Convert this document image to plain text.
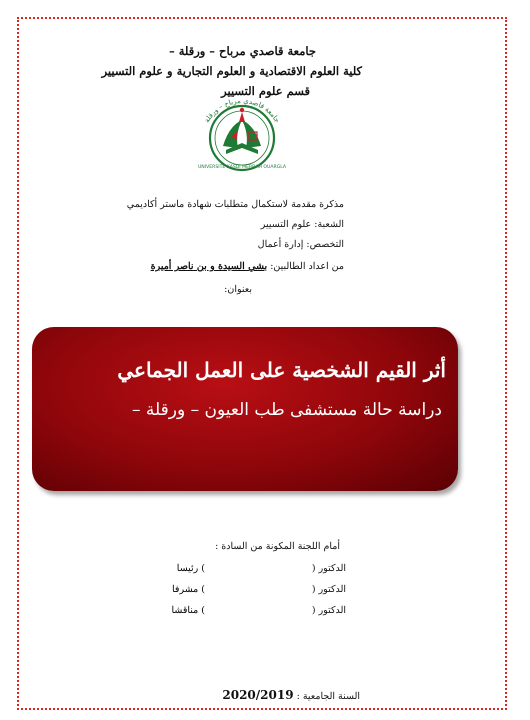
جامعة قاصدي مرباح – ورقلة –
كلية العلوم الاقتصادية و العلوم التجارية و علوم التسيير
قسم علوم التسيير
جامعة قاصدي مرباح – ورقلة
UNIVERSITE KASDI MERBAH OUARGLA
مذكرة مقدمة لاستكمال متطلبات شهادة ماستر أكاديمي
الشعبة: علوم التسيير
التخصص: إدارة أعمال
من اعداد الطالبين: بشي السيدة و بن ناصر أميرة
بعنوان:
أثر القيم الشخصية على العمل الجماعي
دراسة حالة مستشفى طب العيون – ورقلة –
أمام اللجنة المكونة من السادة :
الدكتور (
) رئيسا
الدكتور (
) مشرفا
الدكتور (
) مناقشا
السنة الجامعية : 2020/2019
